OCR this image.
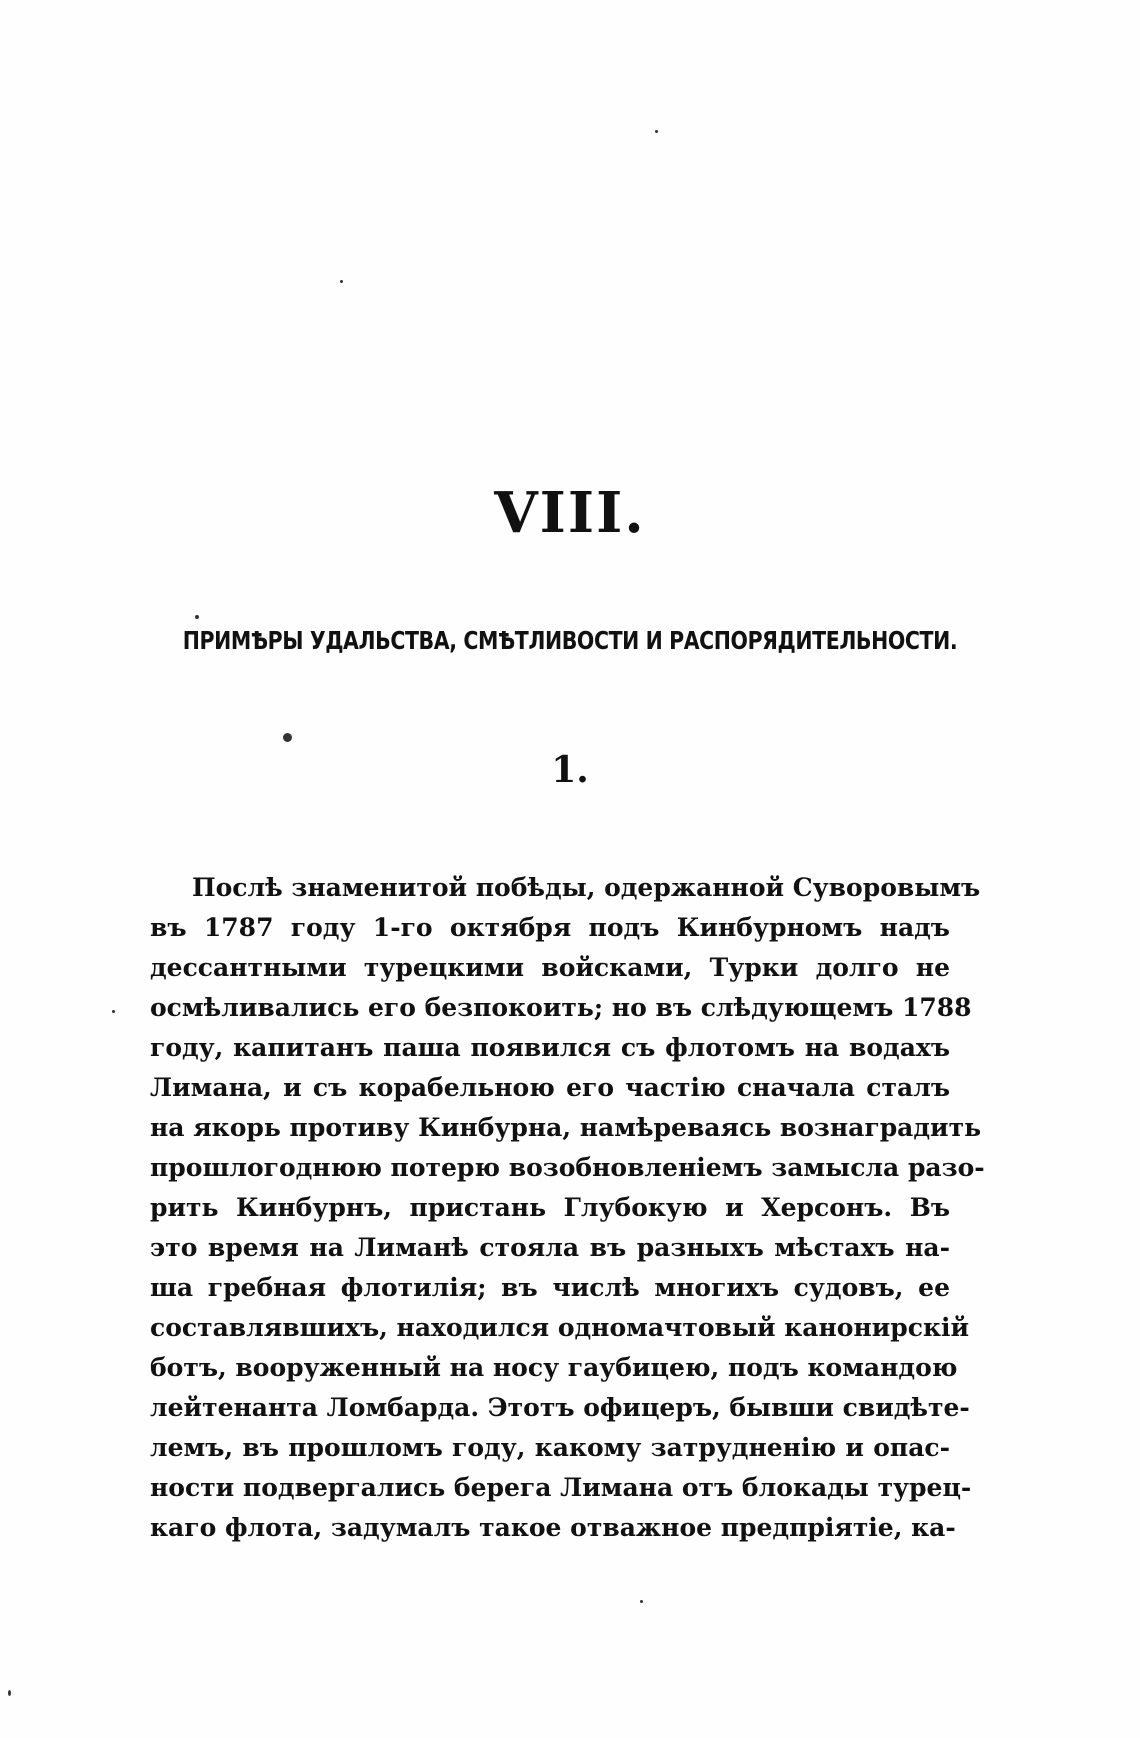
VIII.
ПРИМѢРЫ УДАЛЬСТВА, СМѢТЛИВОСТИ И РАСПОРЯДИТЕЛЬНОСТИ.
1.
Послѣ знаменитой побѣды, одержанной Суворовымъ
въ 1787 году 1-го октября подъ Кинбурномъ надъ
дессантными турецкими войсками, Турки долго не
осмѣливались его безпокоить; но въ слѣдующемъ 1788
году, капитанъ паша появился съ флотомъ на водахъ
Лимана, и съ корабельною его частію сначала сталъ
на якорь противу Кинбурна, намѣреваясь вознаградить
прошлогоднюю потерю возобновленіемъ замысла разо-
рить Кинбурнъ, пристань Глубокую и Херсонъ. Въ
это время на Лиманѣ стояла въ разныхъ мѣстахъ на-
ша гребная флотилія; въ числѣ многихъ судовъ, ее
составлявшихъ, находился одномачтовый канонирскій
ботъ, вооруженный на носу гаубицею, подъ командою
лейтенанта Ломбарда. Этотъ офицеръ, бывши свидѣте-
лемъ, въ прошломъ году, какому затрудненію и опас-
ности подвергались берега Лимана отъ блокады турец-
каго флота, задумалъ такое отважное предпріятіе, ка-
